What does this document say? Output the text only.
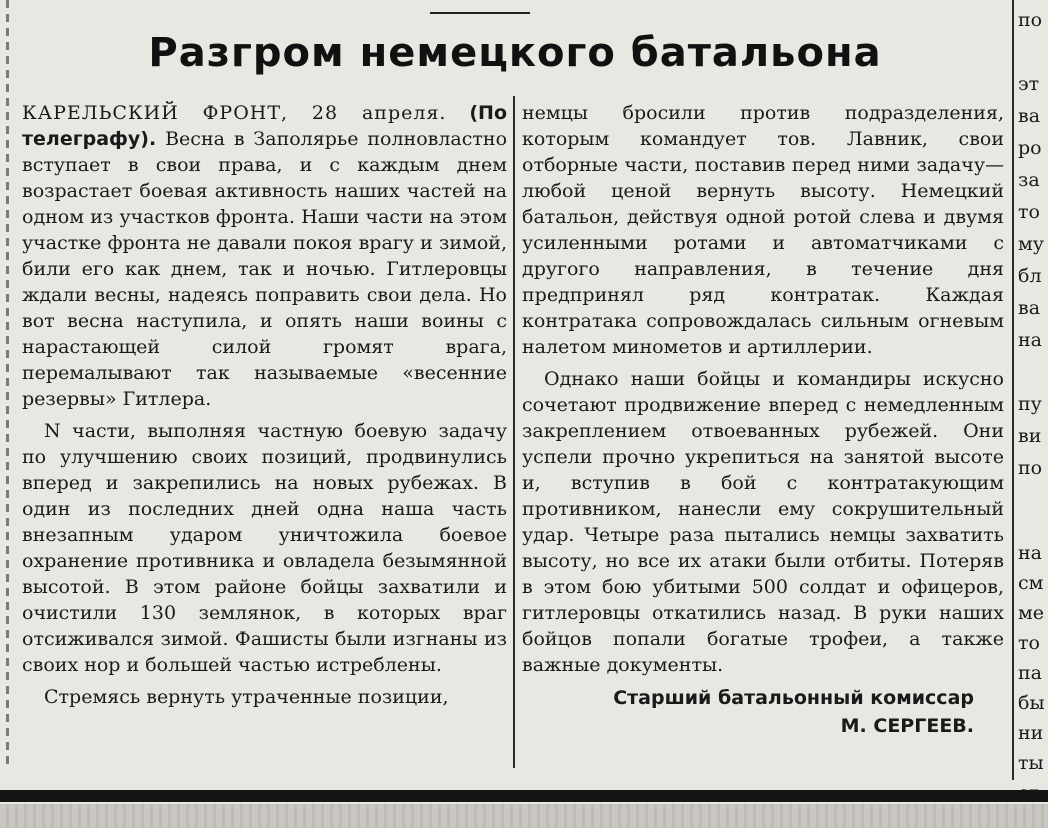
Разгром немецкого батальона

КАРЕЛЬСКИЙ ФРОНТ, 28 апреля. (По телеграфу). Весна в Заполярье полновластно вступает в свои права, и с каждым днем возрастает боевая активность наших частей на одном из участков фронта. Наши части на этом участке фронта не давали покоя врагу и зимой, били его как днем, так и ночью. Гитлеровцы ждали весны, надеясь поправить свои дела. Но вот весна наступила, и опять наши воины с нарастающей силой громят врага, перемалывают так называемые «весенние резервы» Гитлера.

N части, выполняя частную боевую задачу по улучшению своих позиций, продвинулись вперед и закрепились на новых рубежах. В один из последних дней одна наша часть внезапным ударом уничтожила боевое охранение противника и овладела безымянной высотой. В этом районе бойцы захватили и очистили 130 землянок, в которых враг отсиживался зимой. Фашисты были изгнаны из своих нор и большей частью истреблены.

Стремясь вернуть утраченные позиции,

немцы бросили против подразделения, которым командует тов. Лавник, свои отборные части, поставив перед ними задачу—любой ценой вернуть высоту. Немецкий батальон, действуя одной ротой слева и двумя усиленными ротами и автоматчиками с другого направления, в течение дня предпринял ряд контратак. Каждая контратака сопровождалась сильным огневым налетом минометов и артиллерии.

Однако наши бойцы и командиры искусно сочетают продвижение вперед с немедленным закреплением отвоеванных рубежей. Они успели прочно укрепиться на занятой высоте и, вступив в бой с контратакующим противником, нанесли ему сокрушительный удар. Четыре раза пытались немцы захватить высоту, но все их атаки были отбиты. Потеряв в этом бою убитыми 500 солдат и офицеров, гитлеровцы откатились назад. В руки наших бойцов попали богатые трофеи, а также важные документы.

Старший батальонный комиссар
М. СЕРГЕЕВ.
по

эт
ва
ро
за
то
му
бл
ва
на

пу
ви
по
на
см
ме
то
па
бы
ни
ты
